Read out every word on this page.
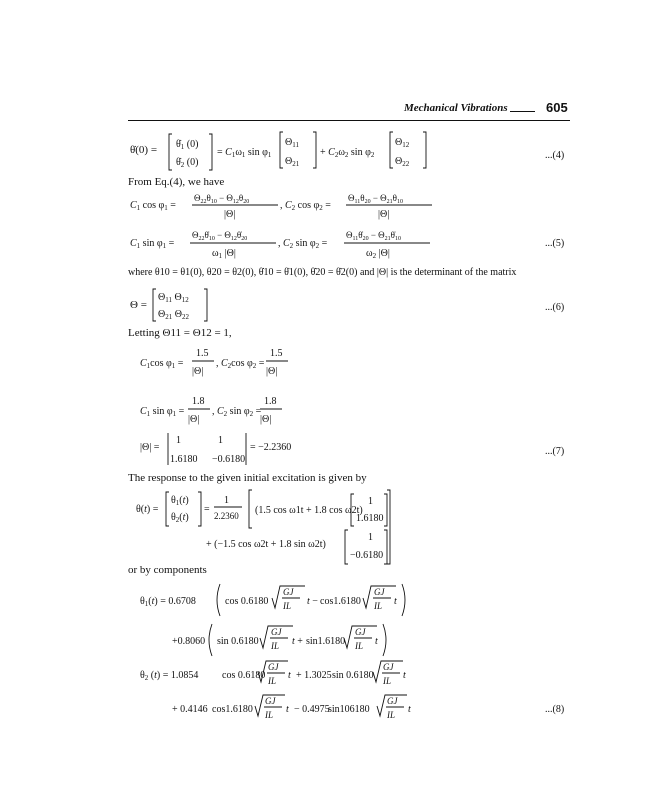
Mechanical Vibrations	605
θ̇(0) = $\thetȧ_1$ (0)
$\thetȧ_2$ (0)
= $C_1\omega_1$ $\sin \varphi_1$
$\Theta_{11}$
$\Theta_{21}$
+ $C_2\omega_2$ $\sin \varphi_2$
$\Theta_{12}$
$\Theta_{22}$
...(4)
From Eq.(4), we have
$C_1$ $\cos \varphi_1$ =
$\Theta_{22}\theta_{10} - \Theta_{12}\theta_{20}$
|Θ|
, $C_2$ $\cos \varphi_2$ =
$\Theta_{11}\theta_{20} - \Theta_{21}\theta_{10}$
|Θ|
$C_1$ $\sin \varphi_1$ =
$\Theta_{22}\thetȧ_{10}$ − $\Theta_{12}\thetȧ_{20}$
$\omega_1$ |Θ|
, $C_2$ $\sin \varphi_2$ =
$\Theta_{11}\thetȧ_{20}$ − $\Theta_{21}\thetȧ_{10}$
$\omega_2$ |Θ|
...(5)
where θ10 = θ1(0), θ20 = θ2(0), θ̇10 = θ̇1(0), θ̇20 = θ̇2(0) and |Θ| is the determinant of the matrix
Θ =
$\Theta_{11}$ $\Theta_{12}$
$\Theta_{21}$ $\Theta_{22}$
...(6)
Letting Θ11 = Θ12 = 1,
$C_1\cos$ $\varphi_1$ =
1.5
|Θ|
, $C_2\cos$ $\varphi_2$ =
1.5
|Θ|
$C_1$ $\sin \varphi_1$ =
1.8
|Θ|
, $C_2$ $\sin \varphi_2$ =
1.8
|Θ|
|Θ| =
1	1
1.6180 −0.6180
= −2.2360	...(7)
The response to the given initial excitation is given by
θ(t) =
$\theta_1(t)$
$\theta_2(t)$
=
1
2.2360 (1.5 cos ω1t + 1.8 cos ω2t)
1
1.6180
+ (−1.5 cos ω2t + 1.8 sin ω2t)
1
−0.6180
or by components
$\theta_1(t) = 0.6708$	cos 0.6180
GJ
IL t − cos1.6180
GJ
IL t
+0.8060 sin 0.6180
GJ
IL t + sin1.6180
GJ
IL t
$\theta_2$ (t) = 1.0854 cos 0.6180
GJ
IL t + 1.3025 sin 0.6180
GJ
IL t
+ 0.4146 cos1.6180
GJ
IL t − 0.4975
sin106180
GJ
IL t	...(8)
